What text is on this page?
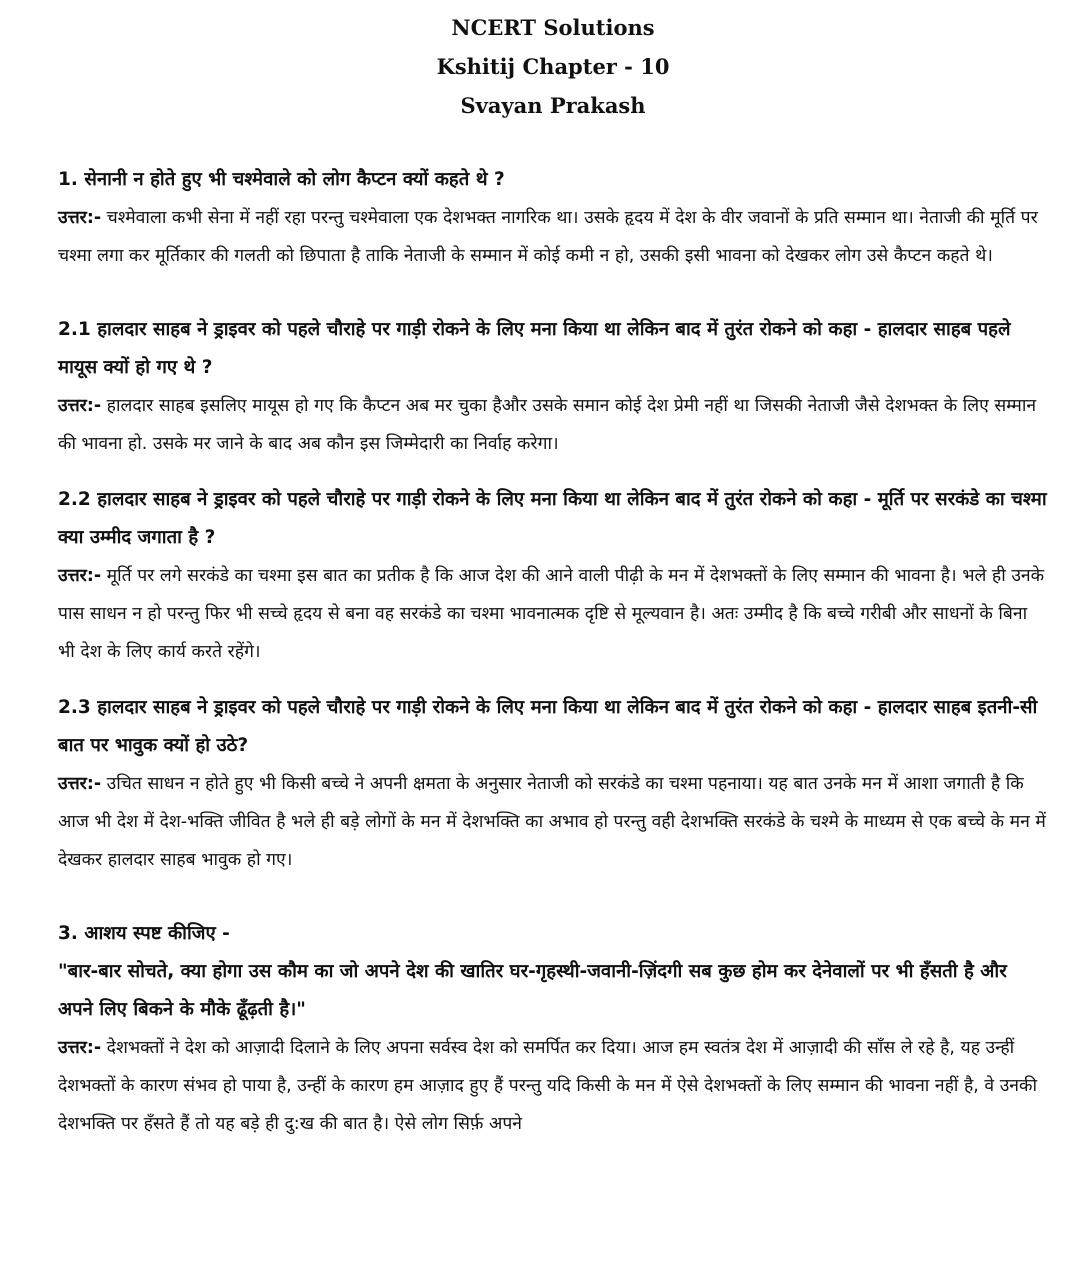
NCERT Solutions
Kshitij Chapter - 10
Svayan Prakash

1. सेनानी न होते हुए भी चश्मेवाले को लोग कैप्टन क्यों कहते थे ?

उत्तर:- चश्मेवाला कभी सेना में नहीं रहा परन्तु चश्मेवाला एक देशभक्त नागरिक था। उसके हृदय में देश के वीर जवानों के प्रति सम्मान था। नेताजी की मूर्ति पर चश्मा लगा कर मूर्तिकार की गलती को छिपाता है ताकि नेताजी के सम्मान में कोई कमी न हो, उसकी इसी भावना को देखकर लोग उसे कैप्टन कहते थे।

2.1 हालदार साहब ने ड्राइवर को पहले चौराहे पर गाड़ी रोकने के लिए मना किया था लेकिन बाद में तुरंत रोकने को कहा - हालदार साहब पहले मायूस क्यों हो गए थे ?

उत्तर:- हालदार साहब इसलिए मायूस हो गए कि कैप्टन अब मर चुका हैऔर उसके समान कोई देश प्रेमी नहीं था जिसकी नेताजी जैसे देशभक्त के लिए सम्मान की भावना हो. उसके मर जाने के बाद अब कौन इस जिम्मेदारी का निर्वाह करेगा।

2.2 हालदार साहब ने ड्राइवर को पहले चौराहे पर गाड़ी रोकने के लिए मना किया था लेकिन बाद में तुरंत रोकने को कहा - मूर्ति पर सरकंडे का चश्मा क्या उम्मीद जगाता है ?

उत्तर:- मूर्ति पर लगे सरकंडे का चश्मा इस बात का प्रतीक है कि आज देश की आने वाली पीढ़ी के मन में देशभक्तों के लिए सम्मान की भावना है। भले ही उनके पास साधन न हो परन्तु फिर भी सच्चे हृदय से बना वह सरकंडे का चश्मा भावनात्मक दृष्टि से मूल्यवान है। अतः उम्मीद है कि बच्चे गरीबी और साधनों के बिना भी देश के लिए कार्य करते रहेंगे।

2.3 हालदार साहब ने ड्राइवर को पहले चौराहे पर गाड़ी रोकने के लिए मना किया था लेकिन बाद में तुरंत रोकने को कहा - हालदार साहब इतनी-सी बात पर भावुक क्यों हो उठे?

उत्तर:- उचित साधन न होते हुए भी किसी बच्चे ने अपनी क्षमता के अनुसार नेताजी को सरकंडे का चश्मा पहनाया। यह बात उनके मन में आशा जगाती है कि आज भी देश में देश-भक्ति जीवित है भले ही बड़े लोगों के मन में देशभक्ति का अभाव हो परन्तु वही देशभक्ति सरकंडे के चश्मे के माध्यम से एक बच्चे के मन में देखकर हालदार साहब भावुक हो गए।

3. आशय स्पष्ट कीजिए -

"बार-बार सोचते, क्या होगा उस कौम का जो अपने देश की खातिर घर-गृहस्थी-जवानी-ज़िंदगी सब कुछ होम कर देनेवालों पर भी हँसती है और अपने लिए बिकने के मौके ढूँढ़ती है।"

उत्तर:- देशभक्तों ने देश को आज़ादी दिलाने के लिए अपना सर्वस्व देश को समर्पित कर दिया। आज हम स्वतंत्र देश में आज़ादी की साँस ले रहे है, यह उन्हीं देशभक्तों के कारण संभव हो पाया है, उन्हीं के कारण हम आज़ाद हुए हैं परन्तु यदि किसी के मन में ऐसे देशभक्तों के लिए सम्मान की भावना नहीं है, वे उनकी देशभक्ति पर हँसते हैं तो यह बड़े ही दु:ख की बात है। ऐसे लोग सिर्फ़ अपने
